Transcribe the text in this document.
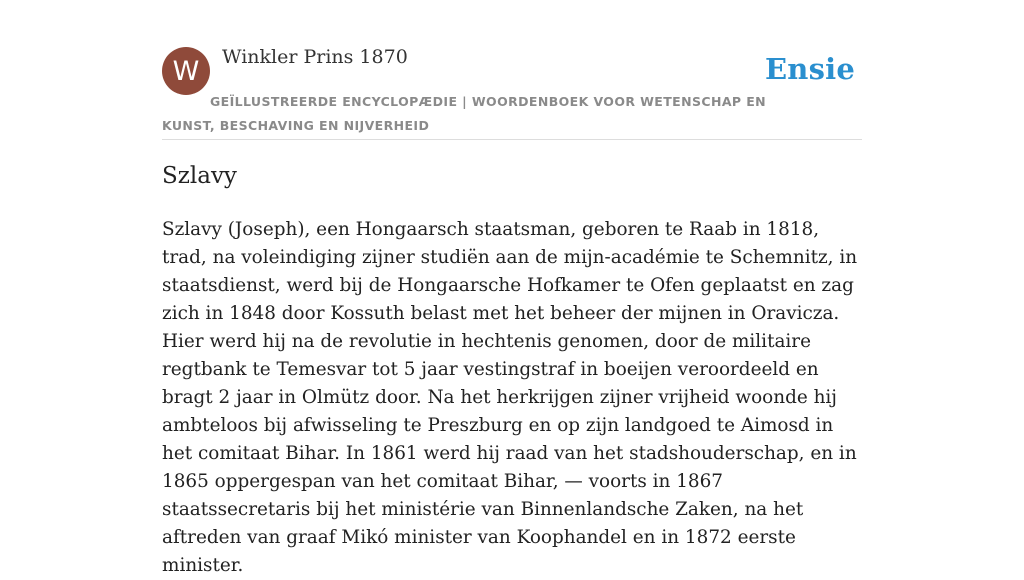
W Winkler Prins 1870	Ensie
GEÏLLUSTREERDE ENCYCLOPÆDIE | WOORDENBOEK VOOR WETENSCHAP EN KUNST, BESCHAVING EN NIJVERHEID
Szlavy

Szlavy (Joseph), een Hongaarsch staatsman, geboren te Raab in 1818, trad, na voleindiging zijner studiën aan de mijn-académie te Schemnitz, in staatsdienst, werd bij de Hongaarsche Hofkamer te Ofen geplaatst en zag zich in 1848 door Kossuth belast met het beheer der mijnen in Oravicza. Hier werd hij na de revolutie in hechtenis genomen, door de militaire regtbank te Temesvar tot 5 jaar vestingstraf in boeijen veroordeeld en bragt 2 jaar in Olmütz door. Na het herkrijgen zijner vrijheid woonde hij ambteloos bij afwisseling te Preszburg en op zijn landgoed te Aimosd in het comitaat Bihar. In 1861 werd hij raad van het stadshouderschap, en in 1865 oppergespan van het comitaat Bihar, — voorts in 1867 staatssecretaris bij het ministérie van Binnenlandsche Zaken, na het aftreden van graaf Mikó minister van Koophandel en in 1872 eerste minister.
